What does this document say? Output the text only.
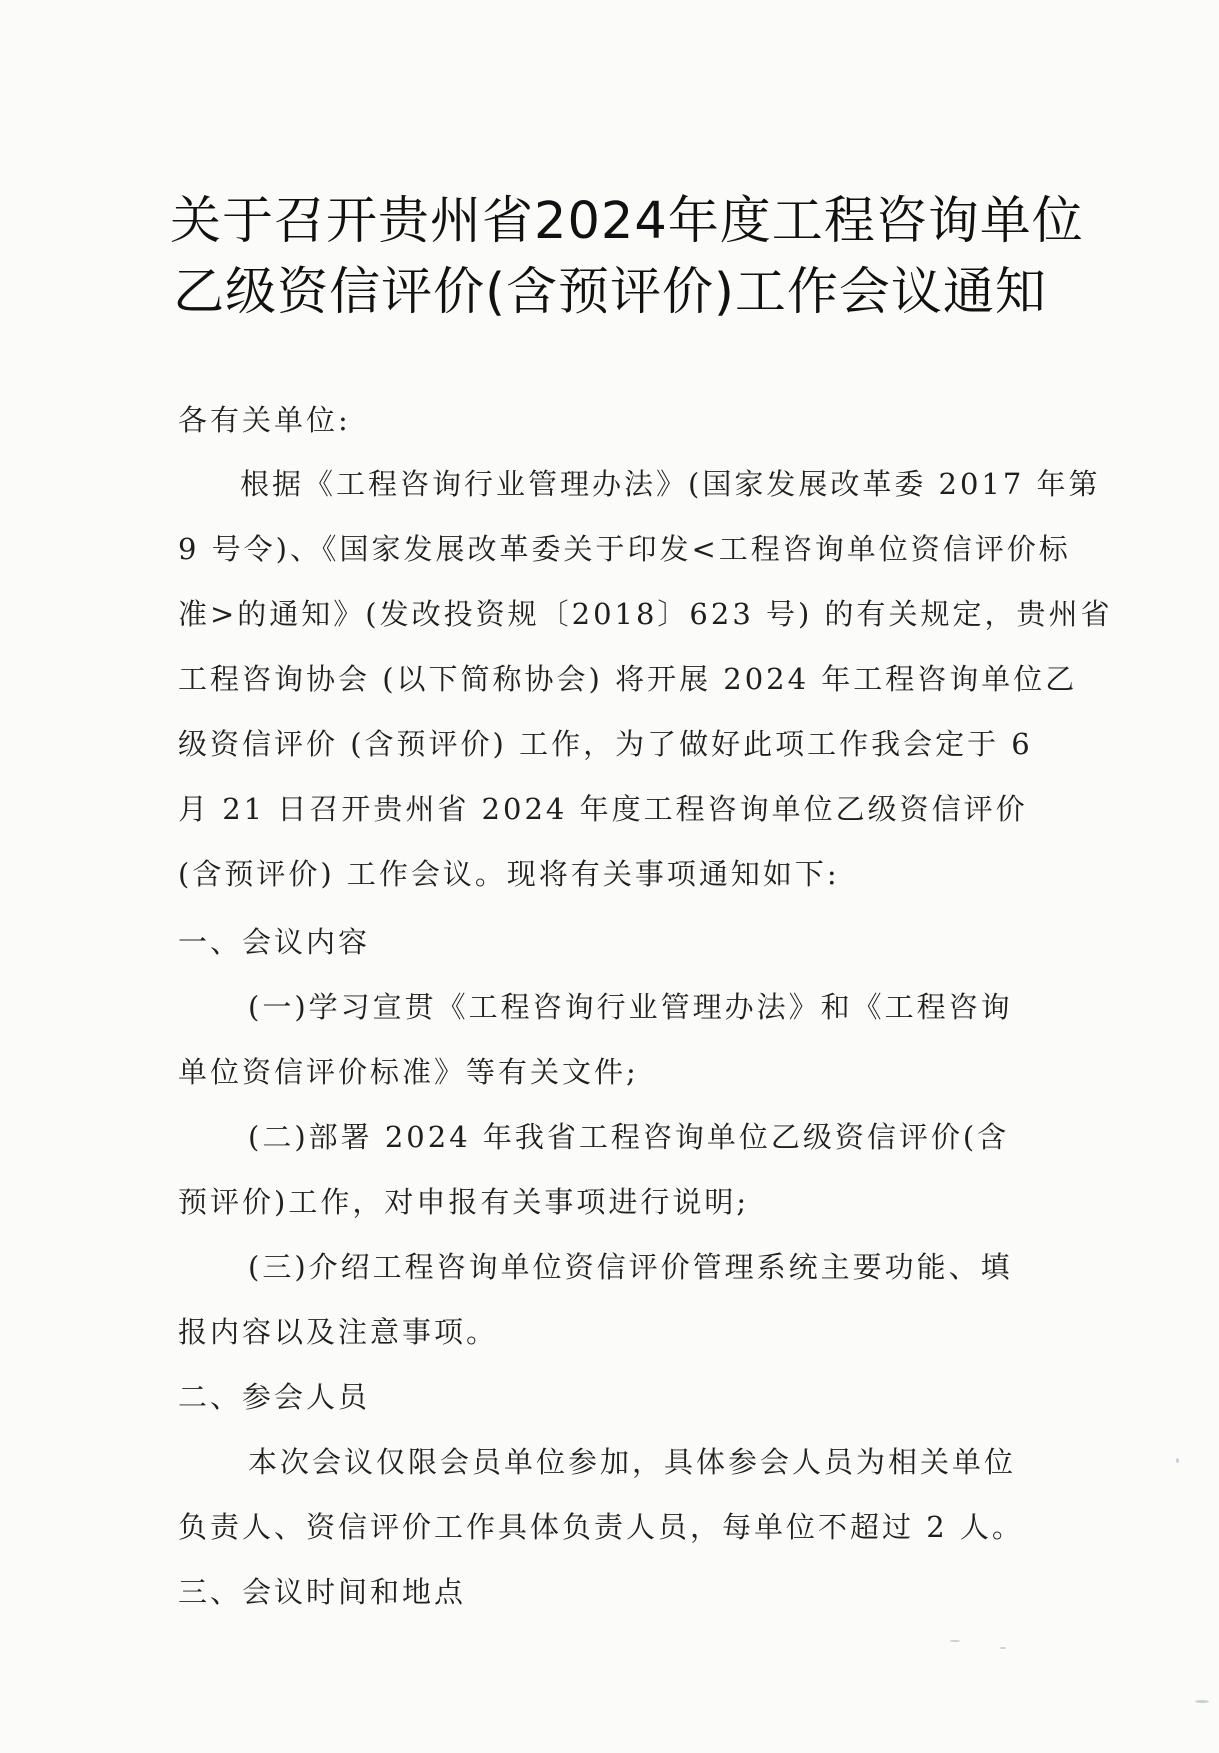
关于召开贵州省2024年度工程咨询单位
乙级资信评价(含预评价)工作会议通知
各有关单位:
根据《工程咨询行业管理办法》(国家发展改革委 2017 年第
9 号令)、《国家发展改革委关于印发<工程咨询单位资信评价标
准>的通知》(发改投资规〔2018〕623 号) 的有关规定，贵州省
工程咨询协会 (以下简称协会) 将开展 2024 年工程咨询单位乙
级资信评价 (含预评价) 工作，为了做好此项工作我会定于 6
月 21 日召开贵州省 2024 年度工程咨询单位乙级资信评价
(含预评价) 工作会议。现将有关事项通知如下:
一、会议内容
(一)学习宣贯《工程咨询行业管理办法》和《工程咨询
单位资信评价标准》等有关文件;
(二)部署 2024 年我省工程咨询单位乙级资信评价(含
预评价)工作，对申报有关事项进行说明;
(三)介绍工程咨询单位资信评价管理系统主要功能、填
报内容以及注意事项。
二、参会人员
本次会议仅限会员单位参加，具体参会人员为相关单位
负责人、资信评价工作具体负责人员，每单位不超过 2 人。
三、会议时间和地点
